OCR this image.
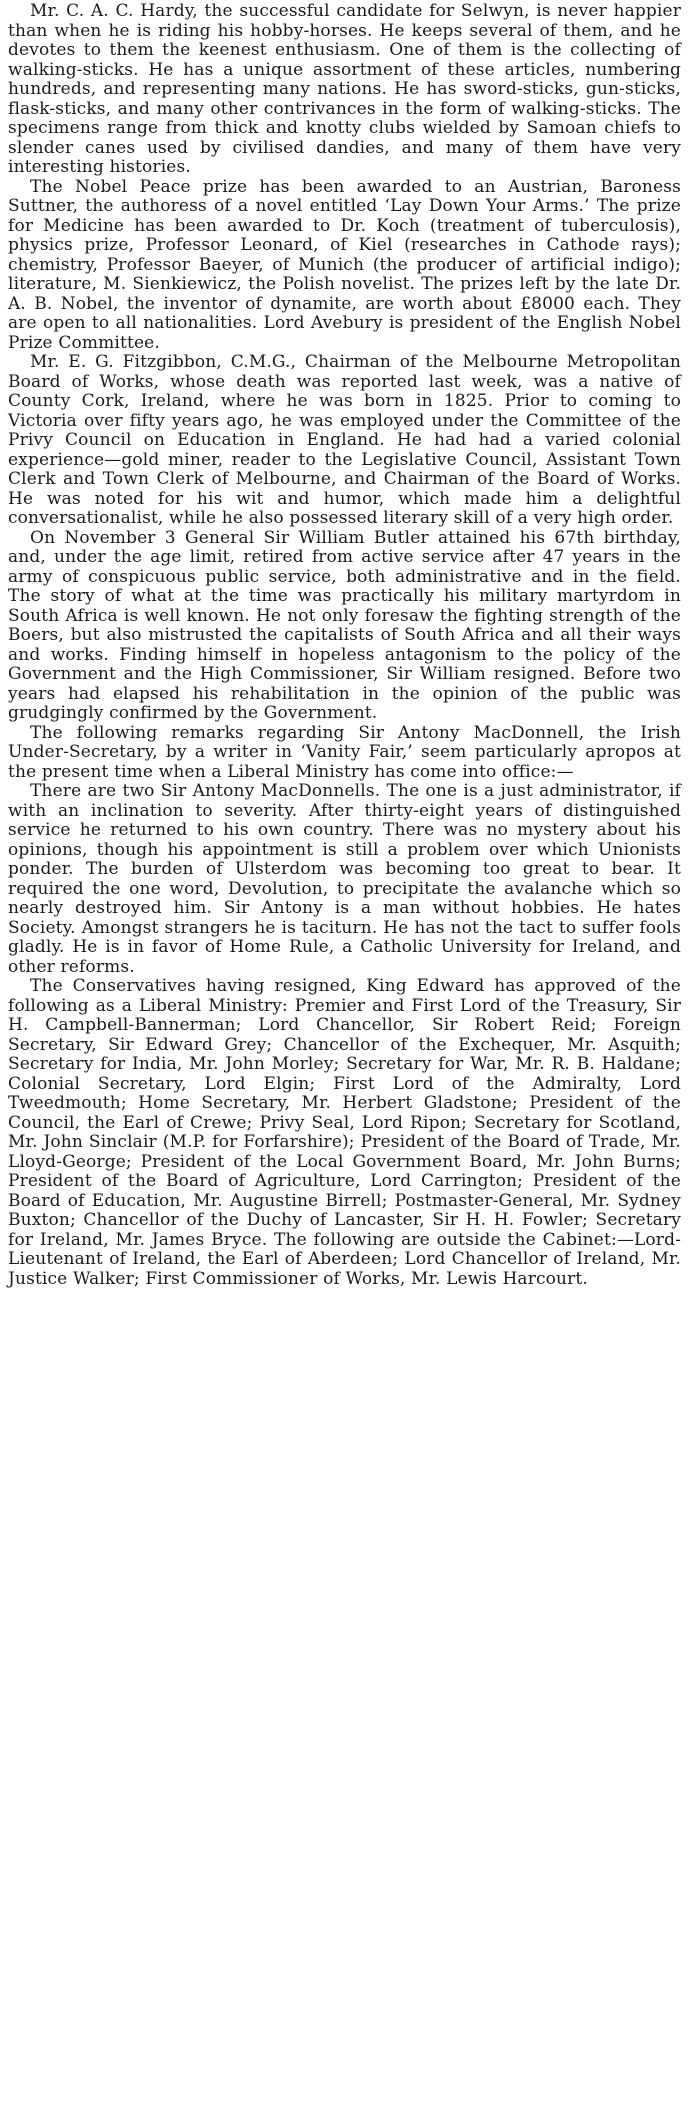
Mr. C. A. C. Hardy, the successful candidate for Selwyn, is never happier than when he is riding his hobby-horses. He keeps several of them, and he devotes to them the keenest enthusiasm. One of them is the collecting of walking-sticks. He has a unique assortment of these articles, numbering hundreds, and representing many nations. He has sword-sticks, gun-sticks, flask-sticks, and many other contrivances in the form of walking-sticks. The specimens range from thick and knotty clubs wielded by Samoan chiefs to slender canes used by civilised dandies, and many of them have very interesting histories.

The Nobel Peace prize has been awarded to an Austrian, Baroness Suttner, the authoress of a novel entitled ‘Lay Down Your Arms.’ The prize for Medicine has been awarded to Dr. Koch (treatment of tuberculosis), physics prize, Professor Leonard, of Kiel (researches in Cathode rays); chemistry, Professor Baeyer, of Munich (the producer of artificial indigo); literature, M. Sienkiewicz, the Polish novelist. The prizes left by the late Dr. A. B. Nobel, the inventor of dynamite, are worth about £8000 each. They are open to all nationalities. Lord Avebury is president of the English Nobel Prize Committee.

Mr. E. G. Fitzgibbon, C.M.G., Chairman of the Melbourne Metropolitan Board of Works, whose death was reported last week, was a native of County Cork, Ireland, where he was born in 1825. Prior to coming to Victoria over fifty years ago, he was employed under the Committee of the Privy Council on Education in England. He had had a varied colonial experience—gold miner, reader to the Legislative Council, Assistant Town Clerk and Town Clerk of Melbourne, and Chairman of the Board of Works. He was noted for his wit and humor, which made him a delightful conversationalist, while he also possessed literary skill of a very high order.

On November 3 General Sir William Butler attained his 67th birthday, and, under the age limit, retired from active service after 47 years in the army of conspicuous public service, both administrative and in the field. The story of what at the time was practically his military martyrdom in South Africa is well known. He not only foresaw the fighting strength of the Boers, but also mistrusted the capitalists of South Africa and all their ways and works. Finding himself in hopeless antagonism to the policy of the Government and the High Commissioner, Sir William resigned. Before two years had elapsed his rehabilitation in the opinion of the public was grudgingly confirmed by the Government.

The following remarks regarding Sir Antony MacDonnell, the Irish Under-Secretary, by a writer in ‘Vanity Fair,’ seem particularly apropos at the present time when a Liberal Ministry has come into office:—

There are two Sir Antony MacDonnells. The one is a just administrator, if with an inclination to severity. After thirty-eight years of distinguished service he returned to his own country. There was no mystery about his opinions, though his appointment is still a problem over which Unionists ponder. The burden of Ulsterdom was becoming too great to bear. It required the one word, Devolution, to precipitate the avalanche which so nearly destroyed him. Sir Antony is a man without hobbies. He hates Society. Amongst strangers he is taciturn. He has not the tact to suffer fools gladly. He is in favor of Home Rule, a Catholic University for Ireland, and other reforms.

The Conservatives having resigned, King Edward has approved of the following as a Liberal Ministry: Premier and First Lord of the Treasury, Sir H. Campbell-Bannerman; Lord Chancellor, Sir Robert Reid; Foreign Secretary, Sir Edward Grey; Chancellor of the Exchequer, Mr. Asquith; Secretary for India, Mr. John Morley; Secretary for War, Mr. R. B. Haldane; Colonial Secretary, Lord Elgin; First Lord of the Admiralty, Lord Tweedmouth; Home Secretary, Mr. Herbert Gladstone; President of the Council, the Earl of Crewe; Privy Seal, Lord Ripon; Secretary for Scotland, Mr. John Sinclair (M.P. for Forfarshire); President of the Board of Trade, Mr. Lloyd-George; President of the Local Government Board, Mr. John Burns; President of the Board of Agriculture, Lord Carrington; President of the Board of Education, Mr. Augustine Birrell; Postmaster-General, Mr. Sydney Buxton; Chancellor of the Duchy of Lancaster, Sir H. H. Fowler; Secretary for Ireland, Mr. James Bryce. The following are outside the Cabinet:—Lord-Lieutenant of Ireland, the Earl of Aberdeen; Lord Chancellor of Ireland, Mr. Justice Walker; First Commissioner of Works, Mr. Lewis Harcourt.
